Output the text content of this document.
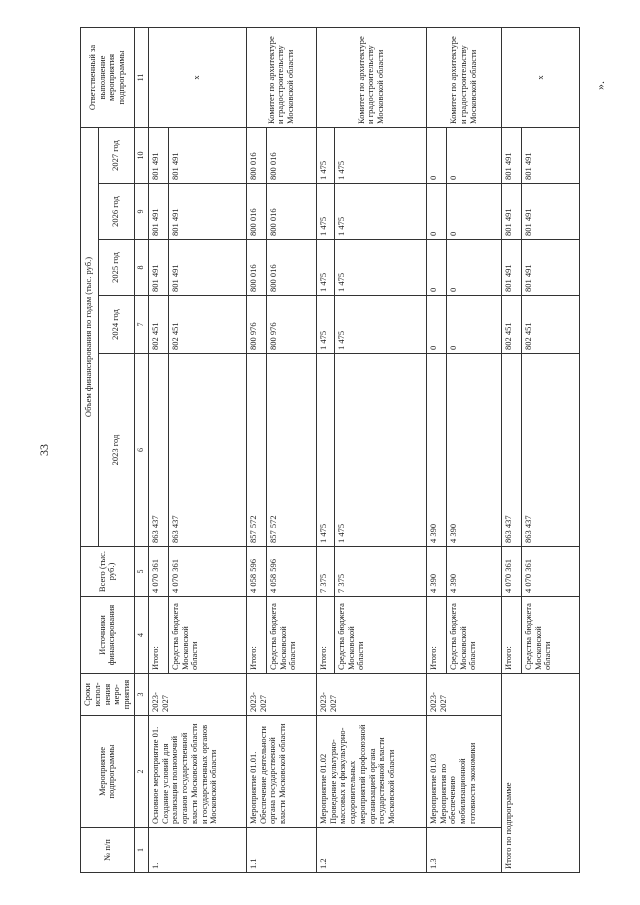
33
№ п/п	Мероприятие подпрограммы	Сроки исполнения мероприятия	Источники финансирования	Всего (тыс. руб.)	Объем финансирования по годам (тыс. руб.)					Ответственный за выполнение мероприятия подпрограммы
					2023 год	2024 год	2025 год	2026 год	2027 год	
1	2	3	4	5	6	7	8	9	10	11
1.	Основное мероприятие 01. Создание условий для реализации полномочий органов государственной власти Московской области и государственных органов Московской области	2023-2027	Итого:	4 070 361	863 437	802 451	801 491	801 491	801 491	х
			Средства бюджета Московской области	4 070 361	863 437	802 451	801 491	801 491	801 491	
1.1	Мероприятие 01.01. Обеспечение деятельности органа государственной власти Московской области	2023-2027	Итого:	4 058 596	857 572	800 976	800 016	800 016	800 016	Комитет по архитектуре и градостроительству Московской области
			Средства бюджета Московской области	4 058 596	857 572	800 976	800 016	800 016	800 016	
1.2	Мероприятие 01.02 Проведение культурно-массовых и физкультурно-оздоровительных мероприятий профсоюзной организацией органа государственной власти Московской области	2023-2027	Итого:	7 375	1 475	1 475	1 475	1 475	1 475	Комитет по архитектуре и градостроительству Московской области
			Средства бюджета Московской области	7 375	1 475	1 475	1 475	1 475	1 475	
1.3	Мероприятие 01.03 Мероприятия по обеспечению мобилизационной готовности экономики	2023-2027	Итого:	4 390	4 390	0	0	0	0	Комитет по архитектуре и градостроительству Московской области
			Средства бюджета Московской области	4 390	4 390	0	0	0	0	
Итого по подпрограмме			Итого:	4 070 361	863 437	802 451	801 491	801 491	801 491	х
			Средства бюджета Московской области	4 070 361	863 437	802 451	801 491	801 491	801 491	
».
